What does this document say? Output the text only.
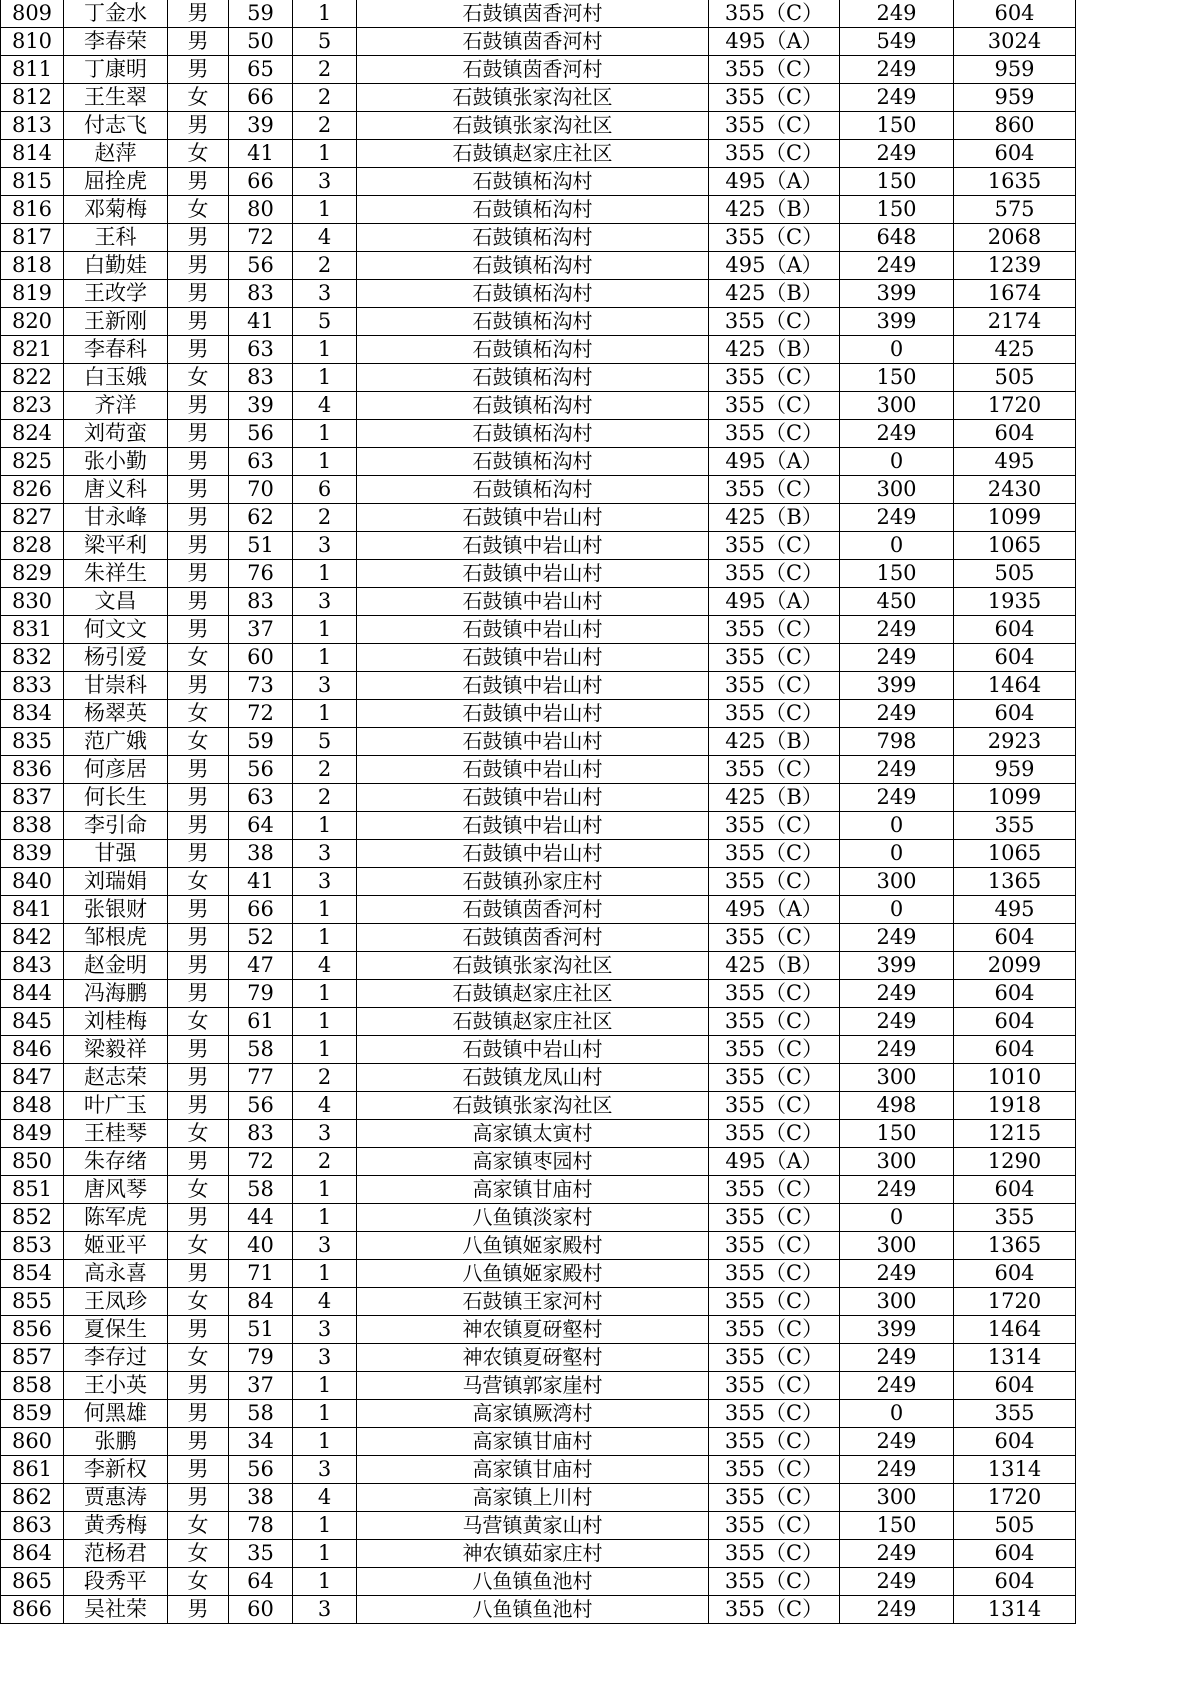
809	丁金水	男	59	1	石鼓镇茵香河村	355（C）	249	604
810	李春荣	男	50	5	石鼓镇茵香河村	495（A）	549	3024
811	丁康明	男	65	2	石鼓镇茵香河村	355（C）	249	959
812	王生翠	女	66	2	石鼓镇张家沟社区	355（C）	249	959
813	付志飞	男	39	2	石鼓镇张家沟社区	355（C）	150	860
814	赵萍	女	41	1	石鼓镇赵家庄社区	355（C）	249	604
815	屈拴虎	男	66	3	石鼓镇柘沟村	495（A）	150	1635
816	邓菊梅	女	80	1	石鼓镇柘沟村	425（B）	150	575
817	王科	男	72	4	石鼓镇柘沟村	355（C）	648	2068
818	白勤娃	男	56	2	石鼓镇柘沟村	495（A）	249	1239
819	王改学	男	83	3	石鼓镇柘沟村	425（B）	399	1674
820	王新刚	男	41	5	石鼓镇柘沟村	355（C）	399	2174
821	李春科	男	63	1	石鼓镇柘沟村	425（B）	0	425
822	白玉娥	女	83	1	石鼓镇柘沟村	355（C）	150	505
823	齐洋	男	39	4	石鼓镇柘沟村	355（C）	300	1720
824	刘苟蛮	男	56	1	石鼓镇柘沟村	355（C）	249	604
825	张小勤	男	63	1	石鼓镇柘沟村	495（A）	0	495
826	唐义科	男	70	6	石鼓镇柘沟村	355（C）	300	2430
827	甘永峰	男	62	2	石鼓镇中岩山村	425（B）	249	1099
828	梁平利	男	51	3	石鼓镇中岩山村	355（C）	0	1065
829	朱祥生	男	76	1	石鼓镇中岩山村	355（C）	150	505
830	文昌	男	83	3	石鼓镇中岩山村	495（A）	450	1935
831	何文文	男	37	1	石鼓镇中岩山村	355（C）	249	604
832	杨引爱	女	60	1	石鼓镇中岩山村	355（C）	249	604
833	甘崇科	男	73	3	石鼓镇中岩山村	355（C）	399	1464
834	杨翠英	女	72	1	石鼓镇中岩山村	355（C）	249	604
835	范广娥	女	59	5	石鼓镇中岩山村	425（B）	798	2923
836	何彦居	男	56	2	石鼓镇中岩山村	355（C）	249	959
837	何长生	男	63	2	石鼓镇中岩山村	425（B）	249	1099
838	李引命	男	64	1	石鼓镇中岩山村	355（C）	0	355
839	甘强	男	38	3	石鼓镇中岩山村	355（C）	0	1065
840	刘瑞娟	女	41	3	石鼓镇孙家庄村	355（C）	300	1365
841	张银财	男	66	1	石鼓镇茵香河村	495（A）	0	495
842	邹根虎	男	52	1	石鼓镇茵香河村	355（C）	249	604
843	赵金明	男	47	4	石鼓镇张家沟社区	425（B）	399	2099
844	冯海鹏	男	79	1	石鼓镇赵家庄社区	355（C）	249	604
845	刘桂梅	女	61	1	石鼓镇赵家庄社区	355（C）	249	604
846	梁毅祥	男	58	1	石鼓镇中岩山村	355（C）	249	604
847	赵志荣	男	77	2	石鼓镇龙凤山村	355（C）	300	1010
848	叶广玉	男	56	4	石鼓镇张家沟社区	355（C）	498	1918
849	王桂琴	女	83	3	高家镇太寅村	355（C）	150	1215
850	朱存绪	男	72	2	高家镇枣园村	495（A）	300	1290
851	唐风琴	女	58	1	高家镇甘庙村	355（C）	249	604
852	陈军虎	男	44	1	八鱼镇淡家村	355（C）	0	355
853	姬亚平	女	40	3	八鱼镇姬家殿村	355（C）	300	1365
854	高永喜	男	71	1	八鱼镇姬家殿村	355（C）	249	604
855	王凤珍	女	84	4	石鼓镇王家河村	355（C）	300	1720
856	夏保生	男	51	3	神农镇夏砑壑村	355（C）	399	1464
857	李存过	女	79	3	神农镇夏砑壑村	355（C）	249	1314
858	王小英	男	37	1	马营镇郭家崖村	355（C）	249	604
859	何黑雄	男	58	1	高家镇厥湾村	355（C）	0	355
860	张鹏	男	34	1	高家镇甘庙村	355（C）	249	604
861	李新权	男	56	3	高家镇甘庙村	355（C）	249	1314
862	贾惠涛	男	38	4	高家镇上川村	355（C）	300	1720
863	黄秀梅	女	78	1	马营镇黄家山村	355（C）	150	505
864	范杨君	女	35	1	神农镇茹家庄村	355（C）	249	604
865	段秀平	女	64	1	八鱼镇鱼池村	355（C）	249	604
866	吴社荣	男	60	3	八鱼镇鱼池村	355（C）	249	1314
